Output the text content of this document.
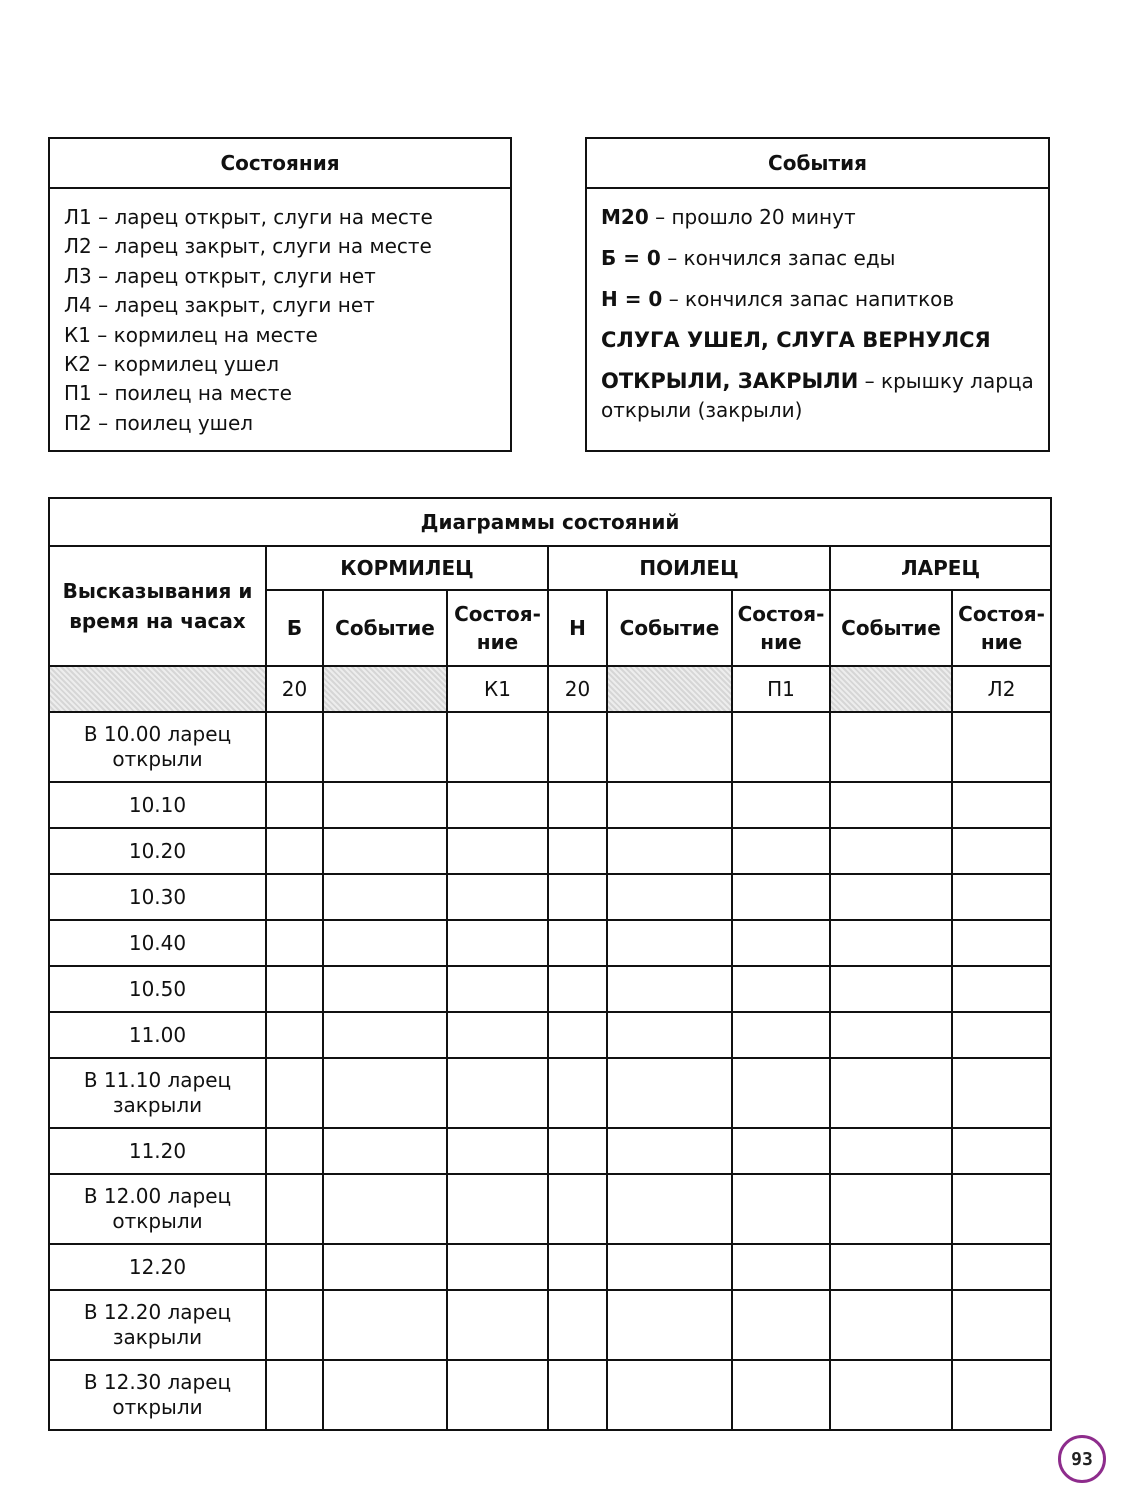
Состояния
Л1 – ларец открыт, слуги на месте
Л2 – ларец закрыт, слуги на месте
Л3 – ларец открыт, слуги нет
Л4 – ларец закрыт, слуги нет
К1 – кормилец на месте
К2 – кормилец ушел
П1 – поилец на месте
П2 – поилец ушел
События
М20 – прошло 20 минут
Б = 0 – кончился запас еды
Н = 0 – кончился запас напитков
СЛУГА УШЕЛ, СЛУГА ВЕРНУЛСЯ
ОТКРЫЛИ, ЗАКРЫЛИ – крышку ларца открыли (закрыли)
Диаграммы состояний								
Высказывания и время на часах	КОРМИЛЕЦ			ПОИЛЕЦ			ЛАРЕЦ	
	Б	Событие	Состоя-ние	Н	Событие	Состоя-ние	Событие	Состоя-ние
	20		К1	20		П1		Л2
В 10.00 ларец открыли								
10.10								
10.20								
10.30								
10.40								
10.50								
11.00								
В 11.10 ларец закрыли								
11.20								
В 12.00 ларец открыли								
12.20								
В 12.20 ларец закрыли								
В 12.30 ларец открыли								
93
